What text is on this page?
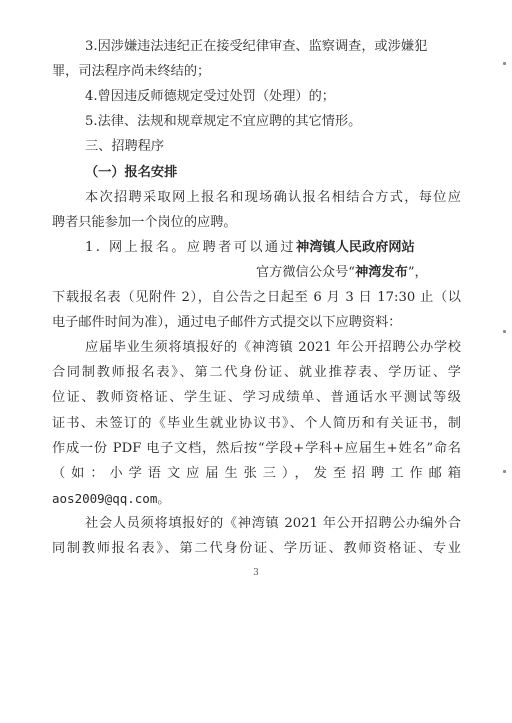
3.因涉嫌违法违纪正在接受纪律审查、监察调查，或涉嫌犯
罪，司法程序尚未终结的；
4.曾因违反师德规定受过处罚（处理）的；
5.法律、法规和规章规定不宜应聘的其它情形。
三、招聘程序
（一）报名安排
本次招聘采取网上报名和现场确认报名相结合方式，每位应
聘者只能参加一个岗位的应聘。
1. 网上报名。应聘者可以通过神湾镇人民政府网站
官方微信公众号“神湾发布”，
下载报名表（见附件 2），自公告之日起至 6 月 3 日 17:30 止（以
电子邮件时间为准），通过电子邮件方式提交以下应聘资料：
应届毕业生须将填报好的《神湾镇 2021 年公开招聘公办学校
合同制教师报名表》、第二代身份证、就业推荐表、学历证、学
位证、教师资格证、学生证、学习成绩单、普通话水平测试等级
证书、未签订的《毕业生就业协议书》、个人简历和有关证书，制
作成一份 PDF 电子文档，然后按“学段+学科+应届生+姓名”命名
（如：小学语文应届生张三），发至招聘工作邮箱
aos2009@qq.com。
社会人员须将填报好的《神湾镇 2021 年公开招聘公办编外合
同制教师报名表》、第二代身份证、学历证、教师资格证、专业
3
